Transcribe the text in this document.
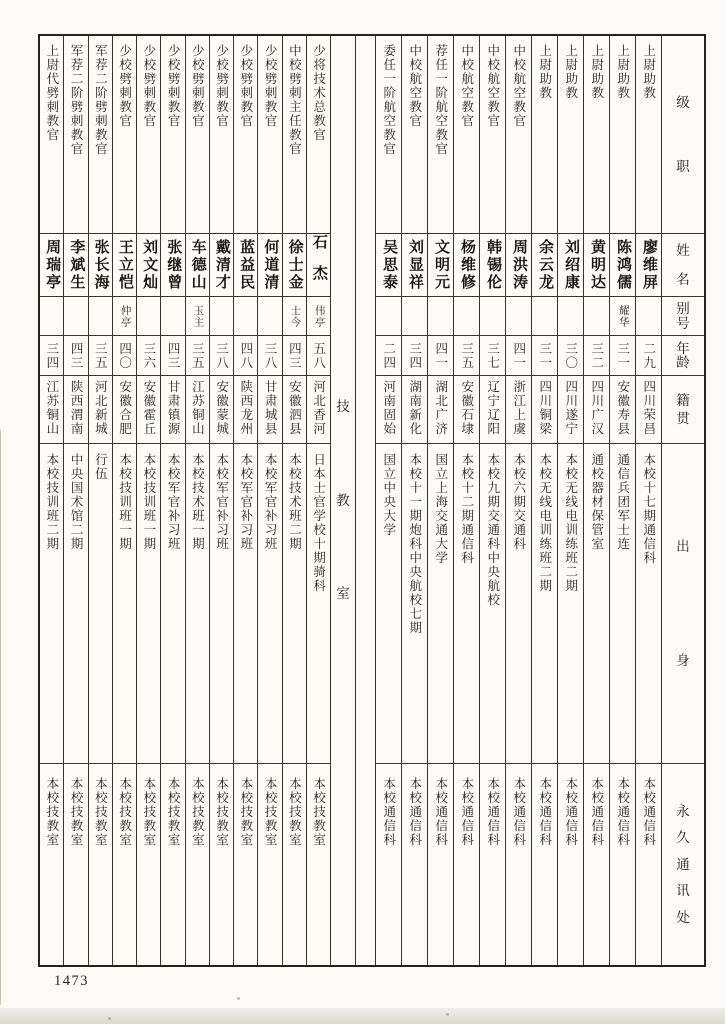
级
职
姓
名
别
号
年
龄
籍
贯
出
身
永
久
通
讯
处
上尉助教
廖维屏
二九
四川荣昌
本校十七期通信科
本校通信科
上尉助教
陈鸿儒
耀华
三一
安徽寿县
通信兵团军士连
本校通信科
上尉助教
黄明达
三二
四川广汉
通校器材保管室
本校通信科
上尉助教
刘绍康
三〇
四川遂宁
本校无线电训练班二期
本校通信科
上尉助教
余云龙
三一
四川铜梁
本校无线电训练班二期
本校通信科
中校航空教官
周洪涛
四一
浙江上虞
本校六期交通科
本校通信科
中校航空教官
韩锡伦
三七
辽宁辽阳
本校九期交通科中央航校
本校通信科
中校航空教官
杨维修
三五
安徽石埭
本校十二期通信科
本校通信科
荐任一阶航空教官
文明元
四一
湖北广济
国立上海交通大学
本校通信科
中校航空教官
刘显祥
三四
湖南新化
本校十一期炮科中央航校七期
本校通信科
委任一阶航空教官
吴思泰
二四
河南固始
国立中央大学
本校通信科
技
教
室
少将技术总教官
石杰
伟亭
五八
河北香河
日本士官学校十期骑科
本校技教室
中校劈刺主任教官
徐士金
士今
四三
安徽泗县
本校技术班二期
本校技教室
少校劈刺教官
何道清
三八
甘肃城县
本校军官补习班
本校技教室
少校劈刺教官
蓝益民
四八
陕西龙州
本校军官补习班
本校技教室
少校劈刺教官
戴清才
三八
安徽蒙城
本校军官补习班
本校技教室
少校劈刺教官
车德山
玉主
三五
江苏铜山
本校技术班一期
本校技教室
少校劈刺教官
张继曾
四三
甘肃镇源
本校军官补习班
本校技教室
少校劈刺教官
刘文灿
三六
安徽霍丘
本校技训班一期
本校技教室
少校劈刺教官
王立恺
仲亭
四〇
安徽合肥
本校技训班一期
本校技教室
军荐二阶劈刺教官
张长海
三五
河北新城
行伍
本校技教室
军荐二阶劈刺教官
李斌生
四三
陕西渭南
中央国术馆二期
本校技教室
上尉代劈刺教官
周瑞亭
三四
江苏铜山
本校技训班二期
本校技教室
1473
